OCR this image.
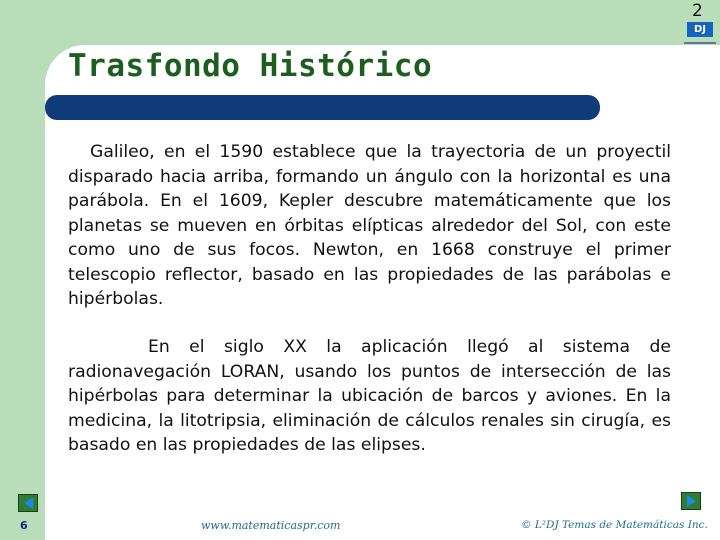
2
DJ
Trasfondo Histórico

Galileo, en el 1590 establece que la trayectoria de un proyectil disparado hacia arriba, formando un ángulo con la horizontal es una parábola. En el 1609, Kepler descubre matemáticamente que los planetas se mueven en órbitas elípticas alrededor del Sol, con este como uno de sus focos. Newton, en 1668 construye el primer telescopio reflector, basado en las propiedades de las parábolas e hipérbolas.

En el siglo XX la aplicación llegó al sistema de radionavegación LORAN, usando los puntos de intersección de las hipérbolas para determinar la ubicación de barcos y aviones. En la medicina, la litotripsia, eliminación de cálculos renales sin cirugía, es basado en las propiedades de las elipses.

6	www.matematicaspr.com	© L²DJ Temas de Matemáticas Inc.
